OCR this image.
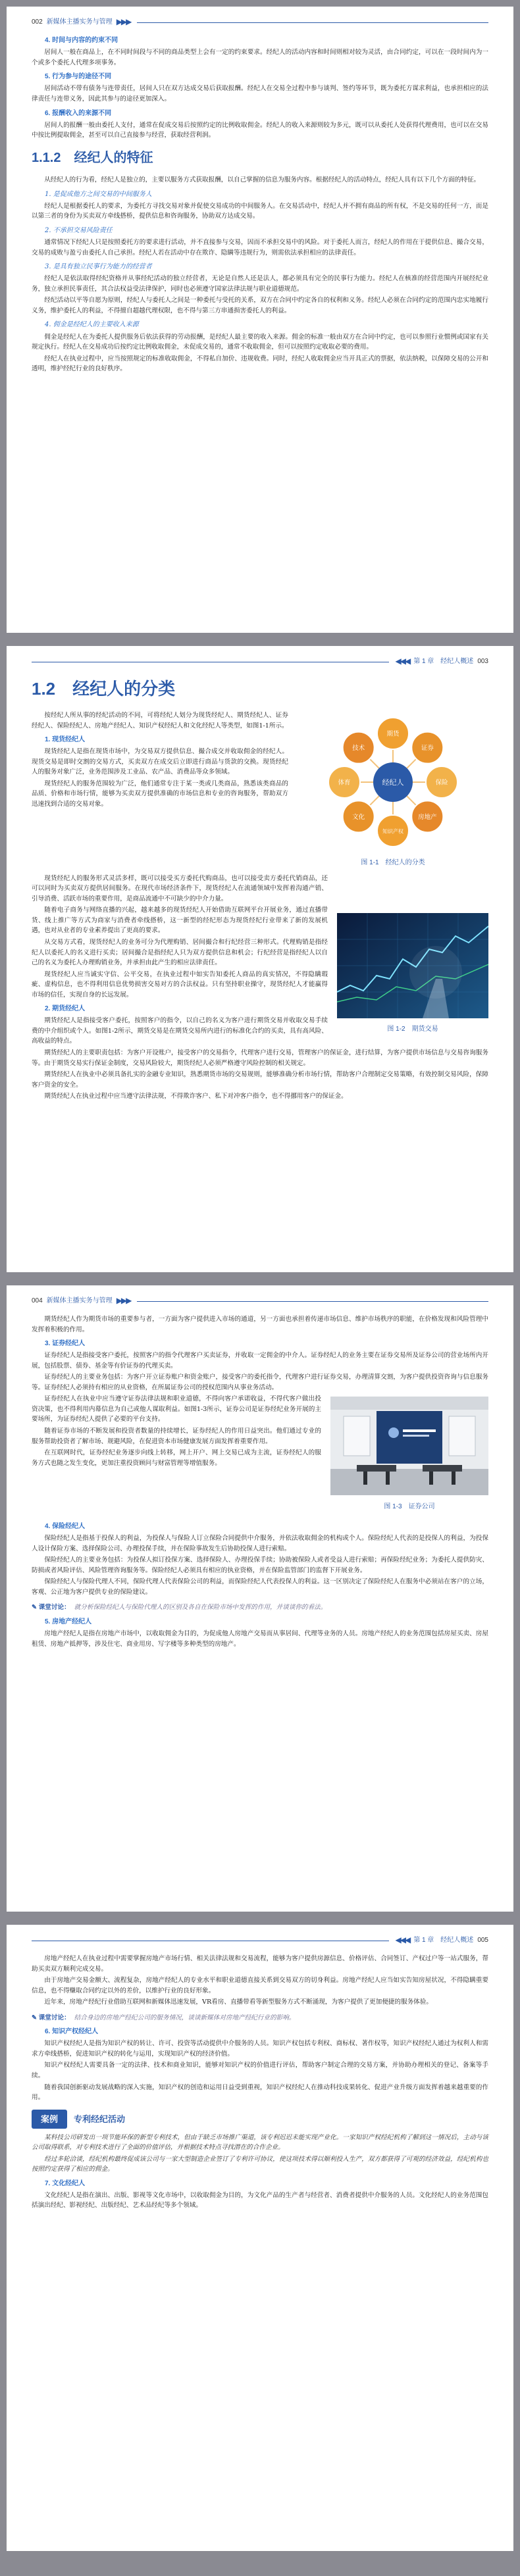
002 新媒体主播实务与管理 ▶▶▶
4. 时间与内容的约束不同

居间人一般在商品上，在不同时间段与不同的商品类型上会有一定的约束要求。经纪人的活动内容和时间则相对较为灵活，由合同约定，可以在一段时间内为一个或多个委托人代理多项事务。

5. 行为参与的途径不同

居间活动不带有债务与连带责任，居间人只在双方达成交易后获取报酬。经纪人在交易全过程中参与谈判、签约等环节，既为委托方谋求利益，也承担相应的法律责任与连带义务，因此其参与的途径更加深入。

6. 报酬收入的来源不同

居间人的报酬一般由委托人支付，通常在促成交易后按照约定的比例收取佣金。经纪人的收入来源则较为多元，既可以从委托人处获得代理费用，也可以在交易中按比例提取佣金，甚至可以自己直接参与经营，获取经营利润。

1.1.2　经纪人的特征

从经纪人的行为看，经纪人是独立的，主要以服务方式获取报酬，以自己掌握的信息为服务内容。根据经纪人的活动特点，经纪人具有以下几个方面的特征。

1. 是促成他方之间交易的中间服务人

经纪人是根据委托人的要求，为委托方寻找交易对象并促使交易成功的中间服务人。在交易活动中，经纪人并不拥有商品的所有权，不是交易的任何一方，而是以第三者的身份为买卖双方牵线搭桥，提供信息和咨询服务，协助双方达成交易。

2. 不承担交易风险责任

通常情况下经纪人只是按照委托方的要求进行活动，并不直接参与交易，因而不承担交易中的风险。对于委托人而言，经纪人的作用在于提供信息、撮合交易，交易的成败与盈亏由委托人自己承担。经纪人若在活动中存在欺诈、隐瞒等违规行为，则需依法承担相应的法律责任。

3. 是具有独立民事行为能力的经营者

经纪人是依法取得经纪资格并从事经纪活动的独立经营者，无论是自然人还是法人，都必须具有完全的民事行为能力。经纪人在核准的经营范围内开展经纪业务，独立承担民事责任，其合法权益受法律保护，同时也必须遵守国家法律法规与职业道德规范。

经纪活动以平等自愿为原则，经纪人与委托人之间是一种委托与受托的关系，双方在合同中约定各自的权利和义务。经纪人必须在合同约定的范围内忠实地履行义务，维护委托人的利益，不得擅自超越代理权限，也不得与第三方串通损害委托人的利益。

4. 佣金是经纪人的主要收入来源

佣金是经纪人在为委托人提供服务后依法获得的劳动报酬，是经纪人最主要的收入来源。佣金的标准一般由双方在合同中约定，也可以参照行业惯例或国家有关规定执行。经纪人在交易成功后按约定比例收取佣金，未促成交易的，通常不收取佣金，但可以按照约定收取必要的费用。

经纪人在执业过程中，应当按照规定的标准收取佣金，不得私自加价、违规收费。同时，经纪人收取佣金应当开具正式的票据，依法纳税，以保障交易的公开和透明，维护经纪行业的良好秩序。

◀◀◀ 第 1 章　经纪人概述 003
1.2　经纪人的分类
经纪人
期货
证券
保险
房地产
知识产权
文化
体育
技术
图 1-1　经纪人的分类

按经纪人所从事的经纪活动的不同，可将经纪人划分为现货经纪人、期货经纪人、证券经纪人、保险经纪人、房地产经纪人、知识产权经纪人和文化经纪人等类型，如图1-1所示。

1. 现货经纪人

现货经纪人是指在现货市场中，为交易双方提供信息、撮合成交并收取佣金的经纪人。现货交易是即时交割的交易方式，买卖双方在成交后立即进行商品与货款的交换。现货经纪人的服务对象广泛，业务范围涉及工业品、农产品、消费品等众多领域。

现货经纪人的服务范围较为广泛，他们通常专注于某一类或几类商品，熟悉该类商品的品质、价格和市场行情，能够为买卖双方提供准确的市场信息和专业的咨询服务，帮助双方迅速找到合适的交易对象。

图 1-2　期货交易

现货经纪人的服务形式灵活多样，既可以接受买方委托代购商品，也可以接受卖方委托代销商品，还可以同时为买卖双方提供居间服务。在现代市场经济条件下，现货经纪人在流通领域中发挥着沟通产销、引导消费、活跃市场的重要作用，是商品流通中不可缺少的中介力量。

随着电子商务与网络直播的兴起，越来越多的现货经纪人开始借助互联网平台开展业务，通过直播带货、线上推广等方式为商家与消费者牵线搭桥，这一新型的经纪形态为现货经纪行业带来了新的发展机遇，也对从业者的专业素养提出了更高的要求。

从交易方式看，现货经纪人的业务可分为代理购销、居间撮合和行纪经营三种形式。代理购销是指经纪人以委托人的名义进行买卖；居间撮合是指经纪人只为双方提供信息和机会；行纪经营是指经纪人以自己的名义为委托人办理购销业务，并承担由此产生的相应法律责任。

现货经纪人应当诚实守信、公平交易，在执业过程中如实告知委托人商品的真实情况，不得隐瞒瑕疵、虚构信息，也不得利用信息优势损害交易对方的合法权益。只有坚持职业操守，现货经纪人才能赢得市场的信任，实现自身的长远发展。

2. 期货经纪人

期货经纪人是指接受客户委托，按照客户的指令，以自己的名义为客户进行期货交易并收取交易手续费的中介组织或个人。如图1-2所示，期货交易是在期货交易所内进行的标准化合约的买卖，具有高风险、高收益的特点。

期货经纪人的主要职责包括：为客户开设账户，接受客户的交易指令，代理客户进行交易，管理客户的保证金，进行结算，为客户提供市场信息与交易咨询服务等。由于期货交易实行保证金制度，交易风险较大，期货经纪人必须严格遵守风险控制的相关规定。

期货经纪人在执业中必须具备扎实的金融专业知识，熟悉期货市场的交易规则，能够准确分析市场行情，帮助客户合理制定交易策略，有效控制交易风险，保障客户资金的安全。

期货经纪人在执业过程中应当遵守法律法规，不得欺诈客户、私下对冲客户指令，也不得挪用客户的保证金。

004 新媒体主播实务与管理 ▶▶▶

期货经纪人作为期货市场的重要参与者，一方面为客户提供进入市场的通道，另一方面也承担着传递市场信息、维护市场秩序的职能，在价格发现和风险管理中发挥着积极的作用。

3. 证券经纪人

证券经纪人是指接受客户委托，按照客户的指令代理客户买卖证券，并收取一定佣金的中介人。证券经纪人的业务主要在证券交易所及证券公司的营业场所内开展，包括股票、债券、基金等有价证券的代理买卖。

证券经纪人的主要业务包括：为客户开立证券账户和资金账户，接受客户的委托指令，代理客户进行证券交易，办理清算交割，为客户提供投资咨询与信息服务等。证券经纪人必须持有相应的从业资格，在所属证券公司的授权范围内从事业务活动。

图 1-3　证券公司

证券经纪人在执业中应当遵守证券法律法规和职业道德，不得向客户承诺收益，不得代客户做出投资决策，也不得利用内幕信息为自己或他人谋取利益。如图1-3所示，证券公司是证券经纪业务开展的主要场所，为证券经纪人提供了必要的平台支持。

随着证券市场的不断发展和投资者数量的持续增长，证券经纪人的作用日益突出。他们通过专业的服务帮助投资者了解市场、规避风险，在促进资本市场健康发展方面发挥着重要作用。

在互联网时代，证券经纪业务逐步向线上转移，网上开户、网上交易已成为主流，证券经纪人的服务方式也随之发生变化，更加注重投资顾问与财富管理等增值服务。

4. 保险经纪人

保险经纪人是指基于投保人的利益，为投保人与保险人订立保险合同提供中介服务，并依法收取佣金的机构或个人。保险经纪人代表的是投保人的利益，为投保人设计保险方案、选择保险公司、办理投保手续，并在保险事故发生后协助投保人进行索赔。

保险经纪人的主要业务包括：为投保人拟订投保方案、选择保险人、办理投保手续；协助被保险人或者受益人进行索赔；再保险经纪业务；为委托人提供防灾、防损或者风险评估、风险管理咨询服务等。保险经纪人必须具有相应的执业资格，并在保险监管部门的监督下开展业务。

保险经纪人与保险代理人不同，保险代理人代表保险公司的利益，而保险经纪人代表投保人的利益。这一区别决定了保险经纪人在服务中必须站在客户的立场，客观、公正地为客户提供专业的保险建议。

✎ 课堂讨论： 就分析保险经纪人与保险代理人的区别及各自在保险市场中发挥的作用，并谈谈你的看法。
5. 房地产经纪人

房地产经纪人是指在房地产市场中，以收取佣金为目的，为促成他人房地产交易而从事居间、代理等业务的人员。房地产经纪人的业务范围包括房屋买卖、房屋租赁、房地产抵押等，涉及住宅、商业用房、写字楼等多种类型的房地产。

◀◀◀ 第 1 章　经纪人概述 005

房地产经纪人在执业过程中需要掌握房地产市场行情、相关法律法规和交易流程，能够为客户提供房源信息、价格评估、合同签订、产权过户等一站式服务，帮助买卖双方顺利完成交易。

由于房地产交易金额大、流程复杂，房地产经纪人的专业水平和职业道德直接关系到交易双方的切身利益。房地产经纪人应当如实告知房屋状况，不得隐瞒重要信息，也不得赚取合同约定以外的差价，以维护行业的良好形象。

近年来，房地产经纪行业借助互联网和新媒体迅速发展，VR看房、直播带看等新型服务方式不断涌现，为客户提供了更加便捷的服务体验。

✎ 课堂讨论： 结合身边的房地产经纪公司的服务情况，谈谈新媒体对房地产经纪行业的影响。
6. 知识产权经纪人

知识产权经纪人是指为知识产权的转让、许可、投资等活动提供中介服务的人员。知识产权包括专利权、商标权、著作权等，知识产权经纪人通过为权利人和需求方牵线搭桥，促进知识产权的转化与运用，实现知识产权的经济价值。

知识产权经纪人需要具备一定的法律、技术和商业知识，能够对知识产权的价值进行评估，帮助客户制定合理的交易方案，并协助办理相关的登记、备案等手续。

随着我国创新驱动发展战略的深入实施，知识产权的创造和运用日益受到重视，知识产权经纪人在推动科技成果转化、促进产业升级方面发挥着越来越重要的作用。

案例	专利经纪活动

某科技公司研发出一项节能环保的新型专利技术，但由于缺乏市场推广渠道，该专利迟迟未能实现产业化。一家知识产权经纪机构了解到这一情况后，主动与该公司取得联系，对专利技术进行了全面的价值评估，并根据技术特点寻找潜在的合作企业。

经过多轮洽谈，经纪机构最终促成该公司与一家大型制造企业签订了专利许可协议，使这项技术得以顺利投入生产，双方都获得了可观的经济效益，经纪机构也按照约定获得了相应的佣金。

7. 文化经纪人

文化经纪人是指在演出、出版、影视等文化市场中，以收取佣金为目的，为文化产品的生产者与经营者、消费者提供中介服务的人员。文化经纪人的业务范围包括演出经纪、影视经纪、出版经纪、艺术品经纪等多个领域。
